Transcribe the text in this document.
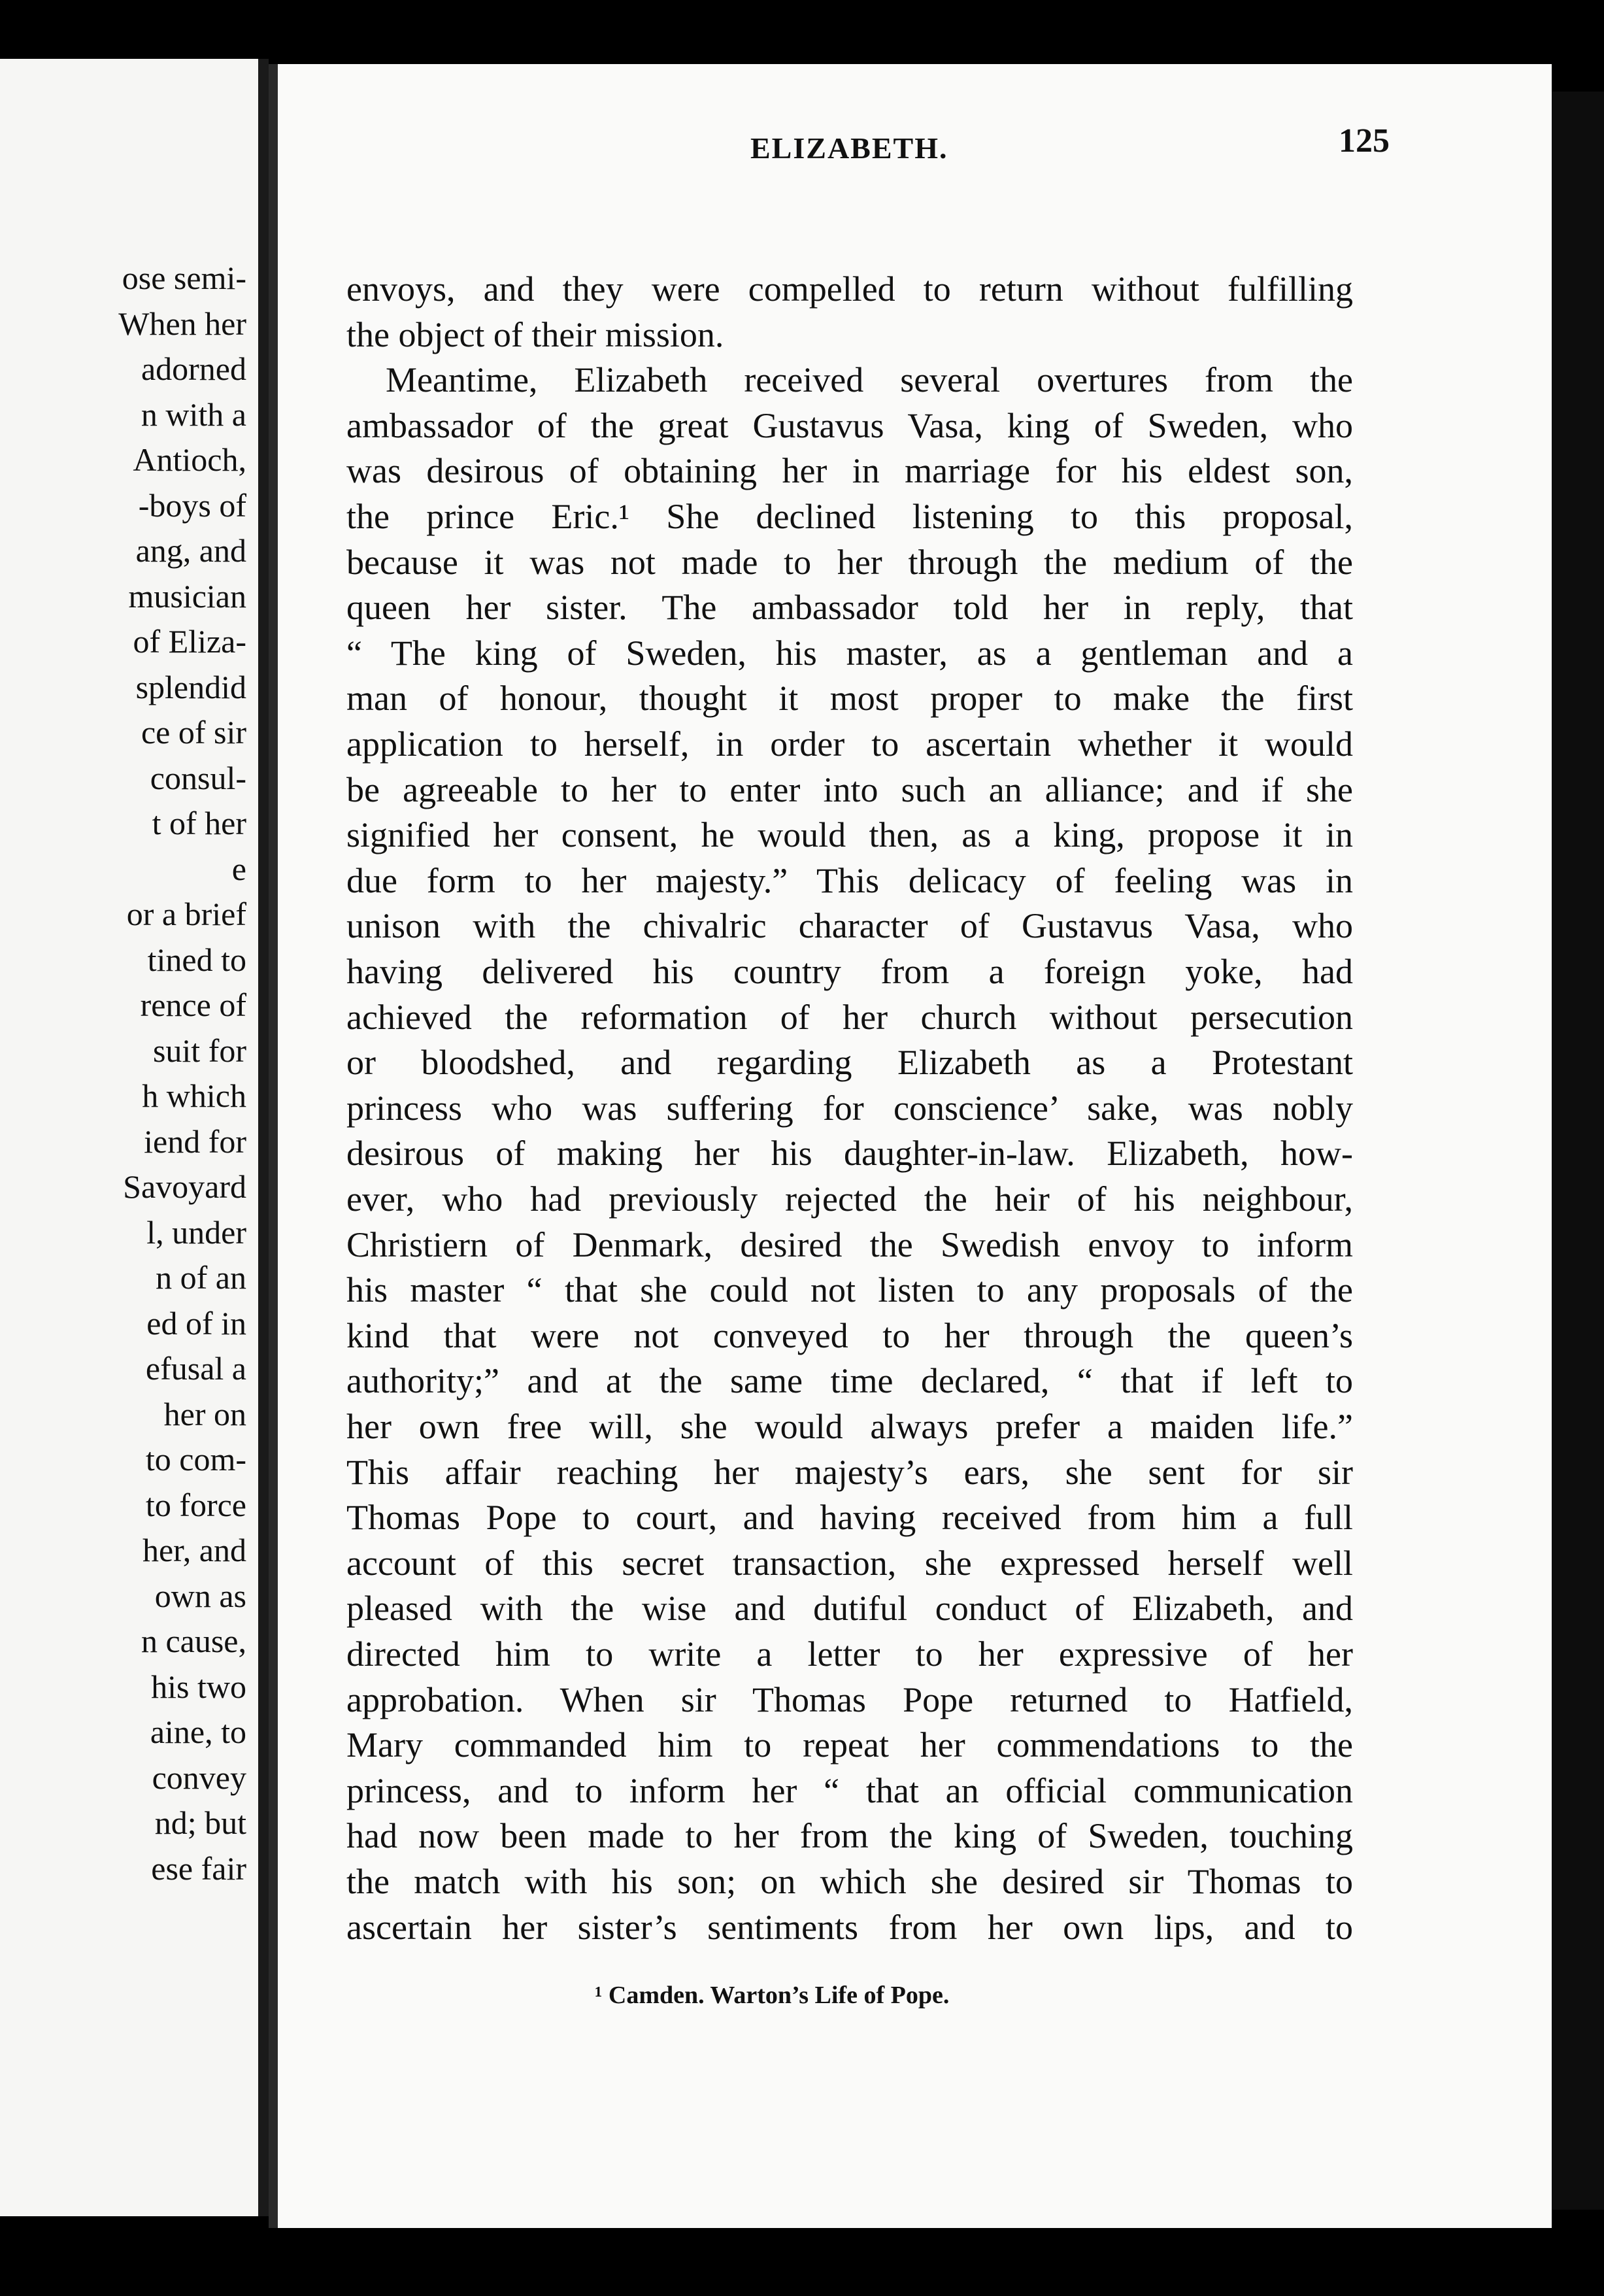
ose semi-
When her
adorned
n with a
Antioch,
-boys of
ang, and
musician
of Eliza-
splendid
ce of sir
consul-
t of her
e
or a brief
tined to
rence of
suit for
h which
iend for
Savoyard
l, under
n of an
ed of in
efusal a
her on
to com-
to force
her, and
own as
n cause,
his two
aine, to
convey
nd; but
ese fair
ELIZABETH.	125
envoys, and they were compelled to return without fulfilling
the object of their mission.
Meantime, Elizabeth received several overtures from the
ambassador of the great Gustavus Vasa, king of Sweden, who
was desirous of obtaining her in marriage for his eldest son,
the prince Eric.¹ She declined listening to this proposal,
because it was not made to her through the medium of the
queen her sister. The ambassador told her in reply, that
“ The king of Sweden, his master, as a gentleman and a
man of honour, thought it most proper to make the first
application to herself, in order to ascertain whether it would
be agreeable to her to enter into such an alliance; and if she
signified her consent, he would then, as a king, propose it in
due form to her majesty.” This delicacy of feeling was in
unison with the chivalric character of Gustavus Vasa, who
having delivered his country from a foreign yoke, had
achieved the reformation of her church without persecution
or bloodshed, and regarding Elizabeth as a Protestant
princess who was suffering for conscience’ sake, was nobly
desirous of making her his daughter-in-law. Elizabeth, how-
ever, who had previously rejected the heir of his neighbour,
Christiern of Denmark, desired the Swedish envoy to inform
his master “ that she could not listen to any proposals of the
kind that were not conveyed to her through the queen’s
authority;” and at the same time declared, “ that if left to
her own free will, she would always prefer a maiden life.”
This affair reaching her majesty’s ears, she sent for sir
Thomas Pope to court, and having received from him a full
account of this secret transaction, she expressed herself well
pleased with the wise and dutiful conduct of Elizabeth, and
directed him to write a letter to her expressive of her
approbation. When sir Thomas Pope returned to Hatfield,
Mary commanded him to repeat her commendations to the
princess, and to inform her “ that an official communication
had now been made to her from the king of Sweden, touching
the match with his son; on which she desired sir Thomas to
ascertain her sister’s sentiments from her own lips, and to
¹ Camden. Warton’s Life of Pope.
